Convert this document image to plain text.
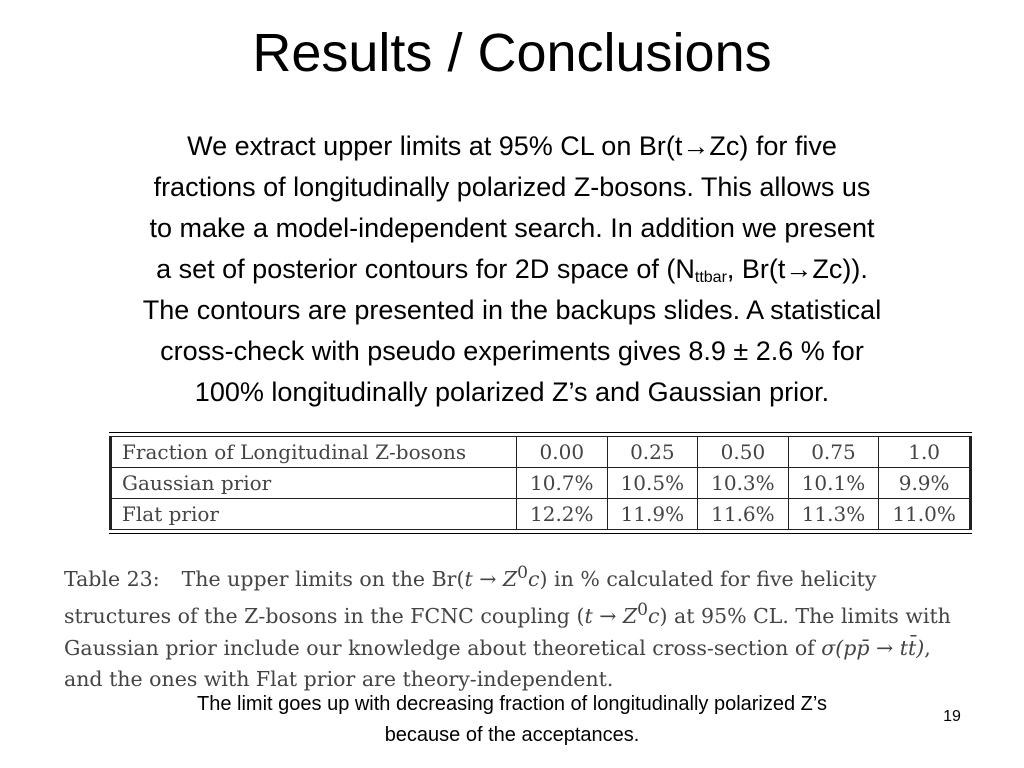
Results / Conclusions
We extract upper limits at 95% CL on Br(t→Zc) for five
fractions of longitudinally polarized Z-bosons. This allows us
to make a model-independent search. In addition we present
a set of posterior contours for 2D space of ($N_{ttbar}$, Br(t→Zc)).
The contours are presented in the backups slides. A statistical
cross-check with pseudo experiments gives 8.9 ± 2.6 % for
100% longitudinally polarized Z’s and Gaussian prior.
Fraction of Longitudinal Z-bosons	0.00	0.25	0.50	0.75	1.0
Gaussian prior	10.7%	10.5%	10.3%	10.1%	9.9%
Flat prior	12.2%	11.9%	11.6%	11.3%	11.0%
Table 23: The upper limits on the $Br(t \to Z^0c)$ in % calculated for five helicity
structures of the Z-bosons in the FCNC coupling $(t \to Z^0c)$ at 95% CL. The limits with
Gaussian prior include our knowledge about theoretical cross-section of σ(pp̄ → tt̄),
and the ones with Flat prior are theory-independent.
The limit goes up with decreasing fraction of longitudinally polarized Z’s
because of the acceptances.
19
